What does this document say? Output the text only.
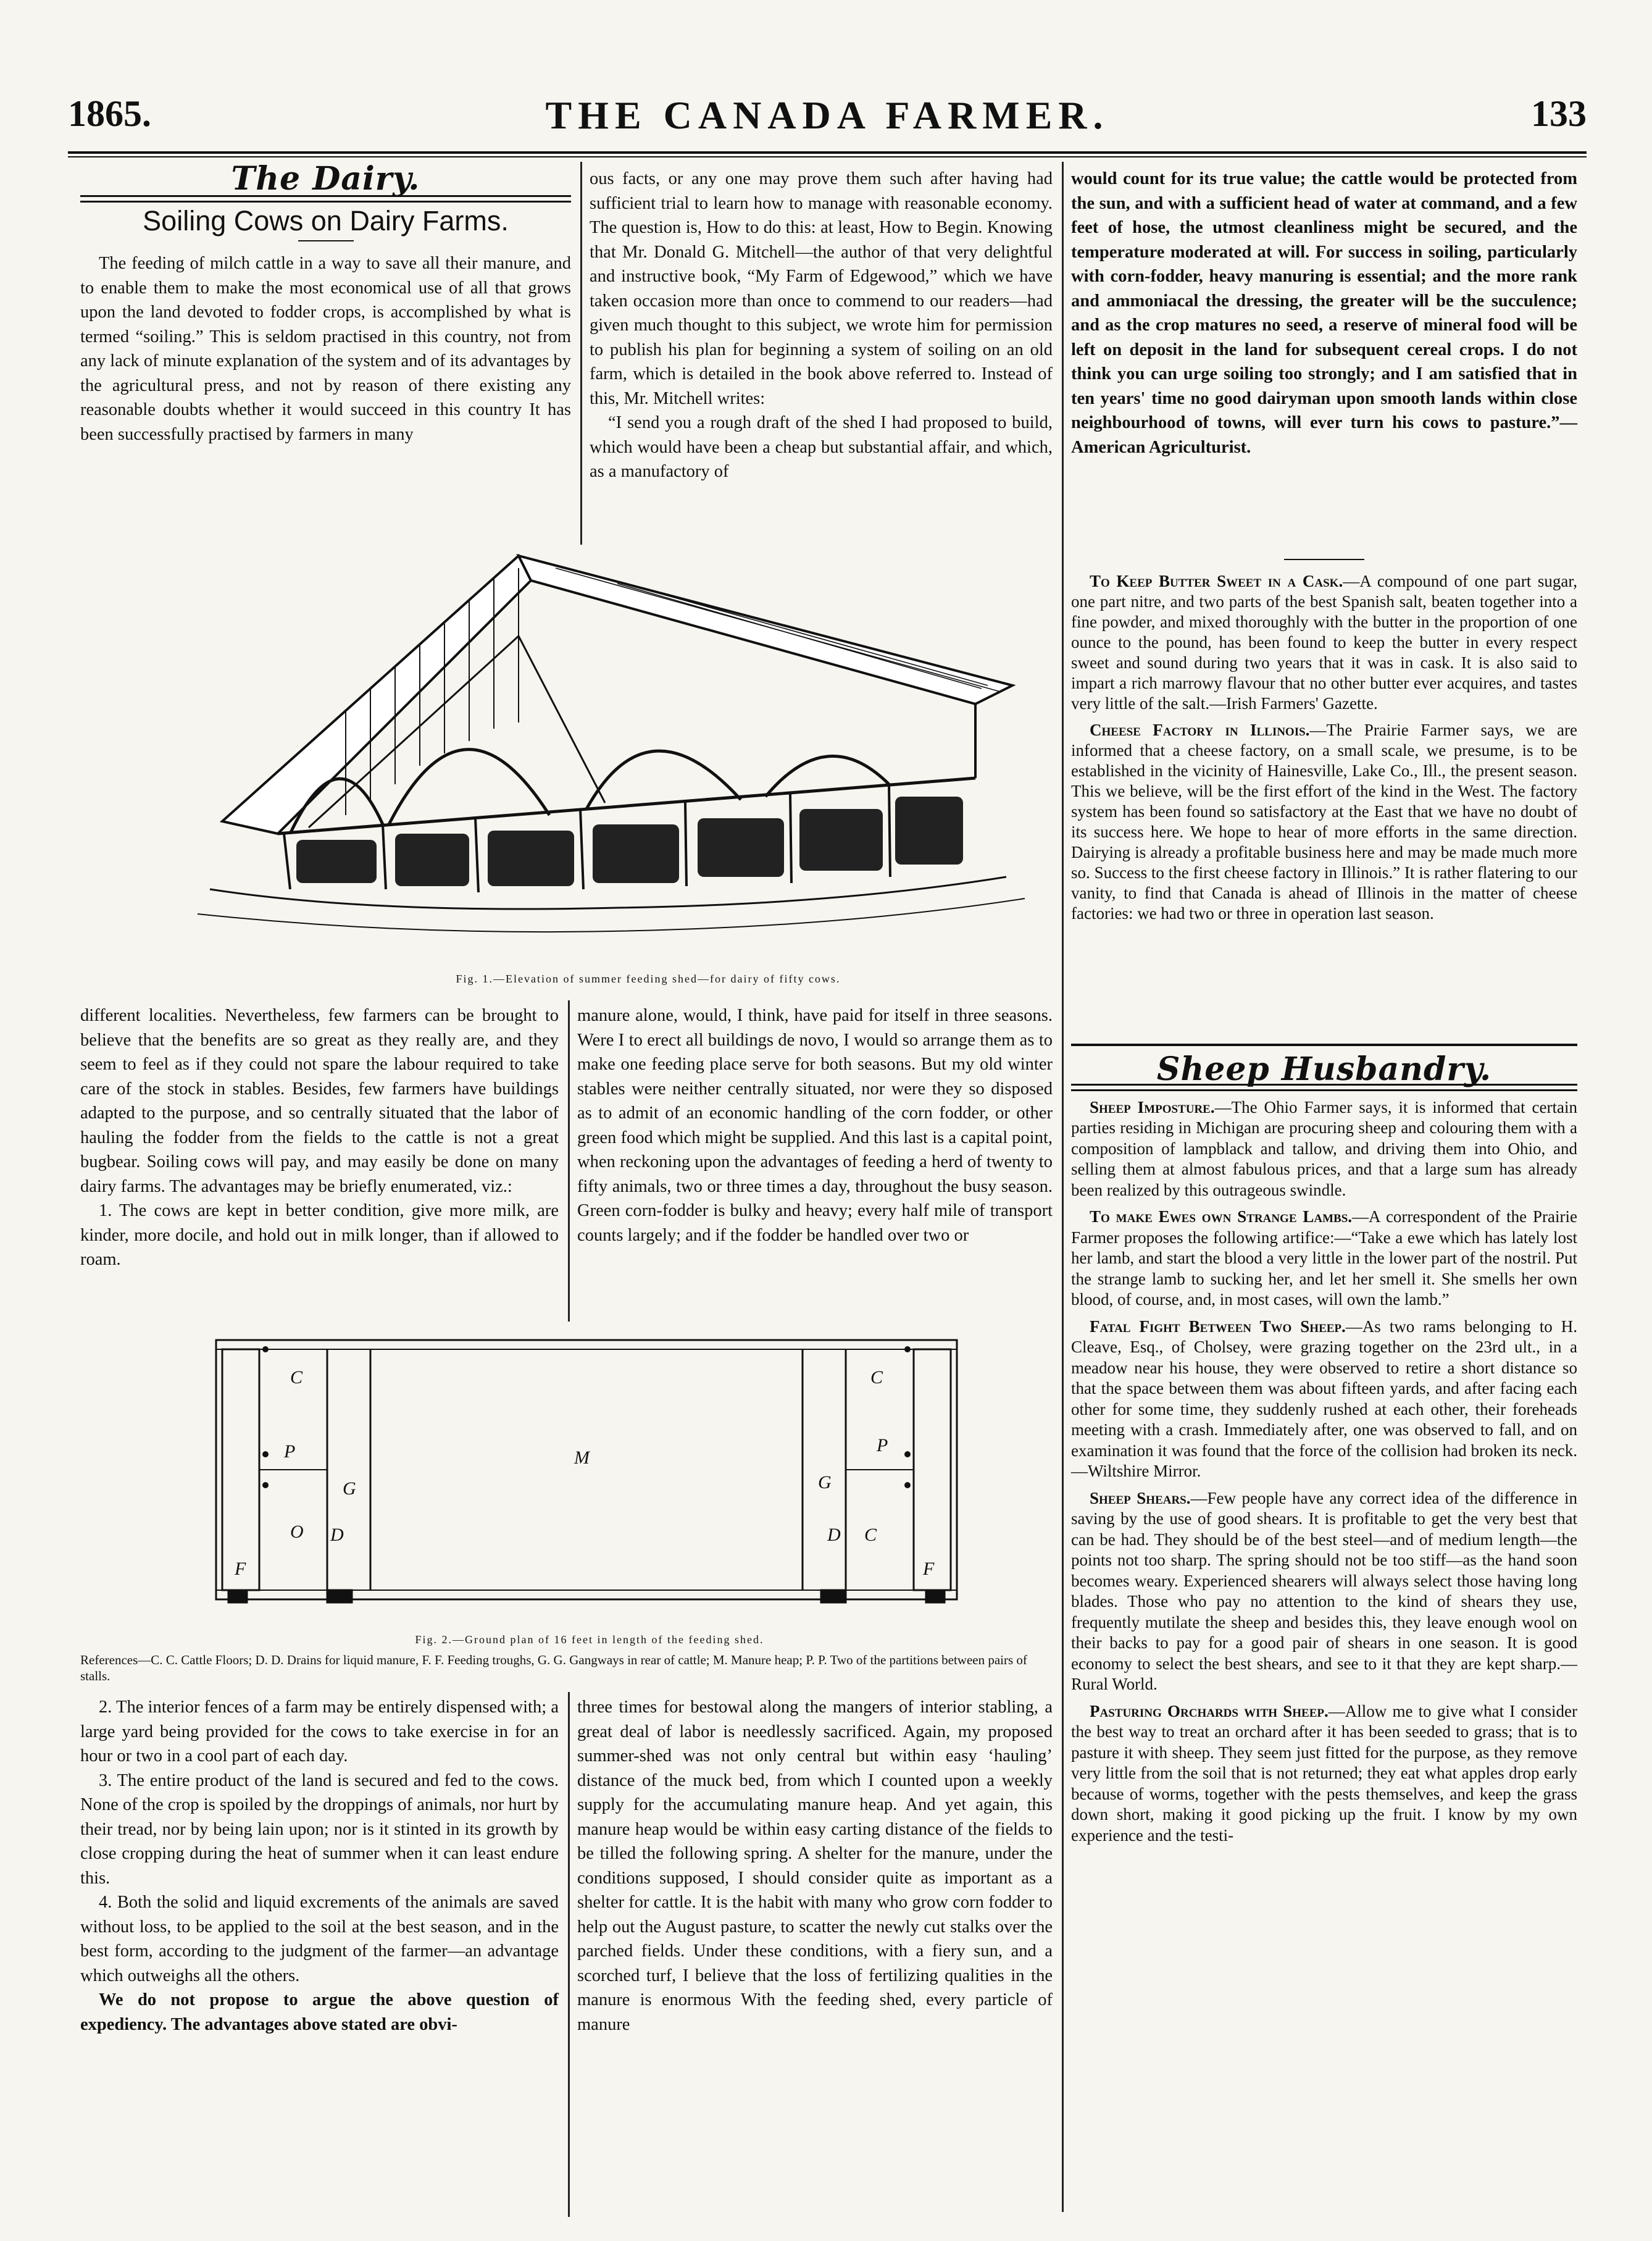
1865.	THE CANADA FARMER.	133
The Dairy.
Soiling Cows on Dairy Farms.

The feeding of milch cattle in a way to save all their manure, and to enable them to make the most economical use of all that grows upon the land devoted to fodder crops, is accomplished by what is termed “soiling.” This is seldom practised in this country, not from any lack of minute explanation of the system and of its advantages by the agricultural press, and not by reason of there existing any reasonable doubts whether it would succeed in this country It has been successfully practised by farmers in many

ous facts, or any one may prove them such after having had sufficient trial to learn how to manage with reasonable economy. The question is, How to do this: at least, How to Begin. Knowing that Mr. Donald G. Mitchell—the author of that very delightful and instructive book, “My Farm of Edgewood,” which we have taken occasion more than once to commend to our readers—had given much thought to this subject, we wrote him for permission to publish his plan for beginning a system of soiling on an old farm, which is detailed in the book above referred to. Instead of this, Mr. Mitchell writes:

“I send you a rough draft of the shed I had proposed to build, which would have been a cheap but substantial affair, and which, as a manufactory of

Fig. 1.—Elevation of summer feeding shed—for dairy of fifty cows.

different localities. Nevertheless, few farmers can be brought to believe that the benefits are so great as they really are, and they seem to feel as if they could not spare the labour required to take care of the stock in stables. Besides, few farmers have buildings adapted to the purpose, and so centrally situated that the labor of hauling the fodder from the fields to the cattle is not a great bugbear. Soiling cows will pay, and may easily be done on many dairy farms. The advantages may be briefly enumerated, viz.:

1. The cows are kept in better condition, give more milk, are kinder, more docile, and hold out in milk longer, than if allowed to roam.

manure alone, would, I think, have paid for itself in three seasons. Were I to erect all buildings de novo, I would so arrange them as to make one feeding place serve for both seasons. But my old winter stables were neither centrally situated, nor were they so disposed as to admit of an economic handling of the corn fodder, or other green food which might be supplied. And this last is a capital point, when reckoning upon the advantages of feeding a herd of twenty to fifty animals, two or three times a day, throughout the busy season. Green corn-fodder is bulky and heavy; every half mile of transport counts largely; and if the fodder be handled over two or

C
P
O
F
G
D
M
G
D
C
P
C
F
Fig. 2.—Ground plan of 16 feet in length of the feeding shed.
References—C. C. Cattle Floors; D. D. Drains for liquid manure, F. F. Feeding troughs, G. G. Gangways in rear of cattle; M. Manure heap; P. P. Two of the partitions between pairs of stalls.

2. The interior fences of a farm may be entirely dispensed with; a large yard being provided for the cows to take exercise in for an hour or two in a cool part of each day.

3. The entire product of the land is secured and fed to the cows. None of the crop is spoiled by the droppings of animals, nor hurt by their tread, nor by being lain upon; nor is it stinted in its growth by close cropping during the heat of summer when it can least endure this.

4. Both the solid and liquid excrements of the animals are saved without loss, to be applied to the soil at the best season, and in the best form, according to the judgment of the farmer—an advantage which outweighs all the others.

We do not propose to argue the above question of expediency. The advantages above stated are obvi-

three times for bestowal along the mangers of interior stabling, a great deal of labor is needlessly sacrificed. Again, my proposed summer-shed was not only central but within easy ‘hauling’ distance of the muck bed, from which I counted upon a weekly supply for the accumulating manure heap. And yet again, this manure heap would be within easy carting distance of the fields to be tilled the following spring. A shelter for the manure, under the conditions supposed, I should consider quite as important as a shelter for cattle. It is the habit with many who grow corn fodder to help out the August pasture, to scatter the newly cut stalks over the parched fields. Under these conditions, with a fiery sun, and a scorched turf, I believe that the loss of fertilizing qualities in the manure is enormous With the feeding shed, every particle of manure

would count for its true value; the cattle would be protected from the sun, and with a sufficient head of water at command, and a few feet of hose, the utmost cleanliness might be secured, and the temperature moderated at will. For success in soiling, particularly with corn-fodder, heavy manuring is essential; and the more rank and ammoniacal the dressing, the greater will be the succulence; and as the crop matures no seed, a reserve of mineral food will be left on deposit in the land for subsequent cereal crops. I do not think you can urge soiling too strongly; and I am satisfied that in ten years' time no good dairyman upon smooth lands within close neighbourhood of towns, will ever turn his cows to pasture.”—American Agriculturist.

To Keep Butter Sweet in a Cask.—A compound of one part sugar, one part nitre, and two parts of the best Spanish salt, beaten together into a fine powder, and mixed thoroughly with the butter in the proportion of one ounce to the pound, has been found to keep the butter in every respect sweet and sound during two years that it was in cask. It is also said to impart a rich marrowy flavour that no other butter ever acquires, and tastes very little of the salt.—Irish Farmers' Gazette.

Cheese Factory in Illinois.—The Prairie Farmer says, we are informed that a cheese factory, on a small scale, we presume, is to be established in the vicinity of Hainesville, Lake Co., Ill., the present season. This we believe, will be the first effort of the kind in the West. The factory system has been found so satisfactory at the East that we have no doubt of its success here. We hope to hear of more efforts in the same direction. Dairying is already a profitable business here and may be made much more so. Success to the first cheese factory in Illinois.” It is rather flatering to our vanity, to find that Canada is ahead of Illinois in the matter of cheese factories: we had two or three in operation last season.

Sheep Husbandry.

Sheep Imposture.—The Ohio Farmer says, it is informed that certain parties residing in Michigan are procuring sheep and colouring them with a composition of lampblack and tallow, and driving them into Ohio, and selling them at almost fabulous prices, and that a large sum has already been realized by this outrageous swindle.

To make Ewes own Strange Lambs.—A correspondent of the Prairie Farmer proposes the following artifice:—“Take a ewe which has lately lost her lamb, and start the blood a very little in the lower part of the nostril. Put the strange lamb to sucking her, and let her smell it. She smells her own blood, of course, and, in most cases, will own the lamb.”

Fatal Fight Between Two Sheep.—As two rams belonging to H. Cleave, Esq., of Cholsey, were grazing together on the 23rd ult., in a meadow near his house, they were observed to retire a short distance so that the space between them was about fifteen yards, and after facing each other for some time, they suddenly rushed at each other, their foreheads meeting with a crash. Immediately after, one was observed to fall, and on examination it was found that the force of the collision had broken its neck.—Wiltshire Mirror.

Sheep Shears.—Few people have any correct idea of the difference in saving by the use of good shears. It is profitable to get the very best that can be had. They should be of the best steel—and of medium length—the points not too sharp. The spring should not be too stiff—as the hand soon becomes weary. Experienced shearers will always select those having long blades. Those who pay no attention to the kind of shears they use, frequently mutilate the sheep and besides this, they leave enough wool on their backs to pay for a good pair of shears in one season. It is good economy to select the best shears, and see to it that they are kept sharp.—Rural World.

Pasturing Orchards with Sheep.—Allow me to give what I consider the best way to treat an orchard after it has been seeded to grass; that is to pasture it with sheep. They seem just fitted for the purpose, as they remove very little from the soil that is not returned; they eat what apples drop early because of worms, together with the pests themselves, and keep the grass down short, making it good picking up the fruit. I know by my own experience and the testi-
